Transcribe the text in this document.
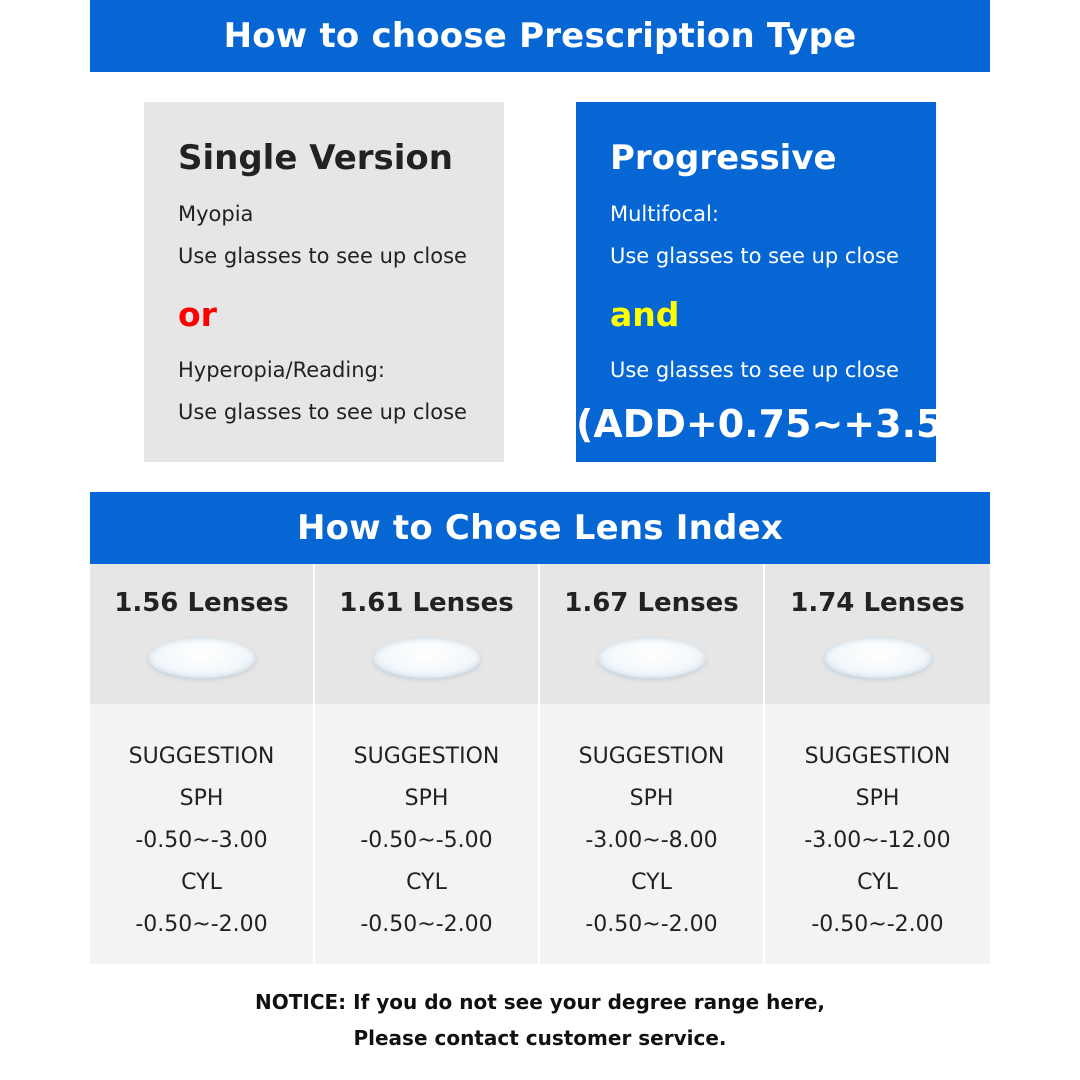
How to choose Prescription Type
Single Version
Myopia
Use glasses to see up close
or
Hyperopia/Reading:
Use glasses to see up close
Progressive
Multifocal:
Use glasses to see up close
and
Use glasses to see up close
(ADD+0.75~+3.50)
How to Chose Lens Index
1.56 Lenses
SUGGESTION
SPH
-0.50~-3.00
CYL
-0.50~-2.00
1.61 Lenses
SUGGESTION
SPH
-0.50~-5.00
CYL
-0.50~-2.00
1.67 Lenses
SUGGESTION
SPH
-3.00~-8.00
CYL
-0.50~-2.00
1.74 Lenses
SUGGESTION
SPH
-3.00~-12.00
CYL
-0.50~-2.00
NOTICE: If you do not see your degree range here,
Please contact customer service.
